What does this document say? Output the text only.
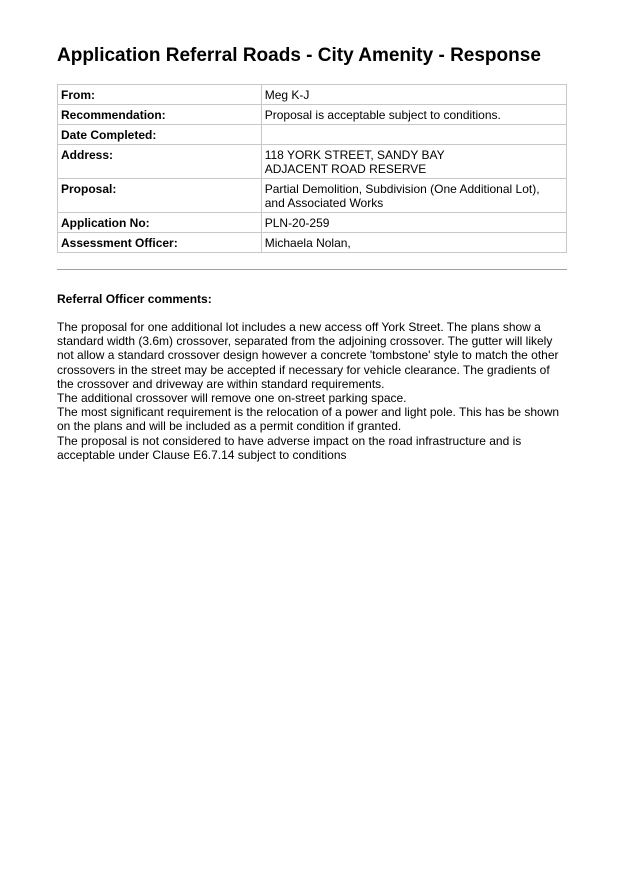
Application Referral Roads - City Amenity - Response
From:	Meg K-J
Recommendation:	Proposal is acceptable subject to conditions.
Date Completed:	
Address:	118 YORK STREET, SANDY BAY
ADJACENT ROAD RESERVE

Proposal:	Partial Demolition, Subdivision (One Additional Lot),
and Associated Works

Application No:	PLN-20-259
Assessment Officer:	Michaela Nolan,
Referral Officer comments:

The proposal for one additional lot includes a new access off York Street. The plans show a
standard width (3.6m) crossover, separated from the adjoining crossover. The gutter will likely
not allow a standard crossover design however a concrete 'tombstone' style to match the other
crossovers in the street may be accepted if necessary for vehicle clearance. The gradients of
the crossover and driveway are within standard requirements.

The additional crossover will remove one on-street parking space.

The most significant requirement is the relocation of a power and light pole. This has be shown
on the plans and will be included as a permit condition if granted.

The proposal is not considered to have adverse impact on the road infrastructure and is
acceptable under Clause E6.7.14 subject to conditions
